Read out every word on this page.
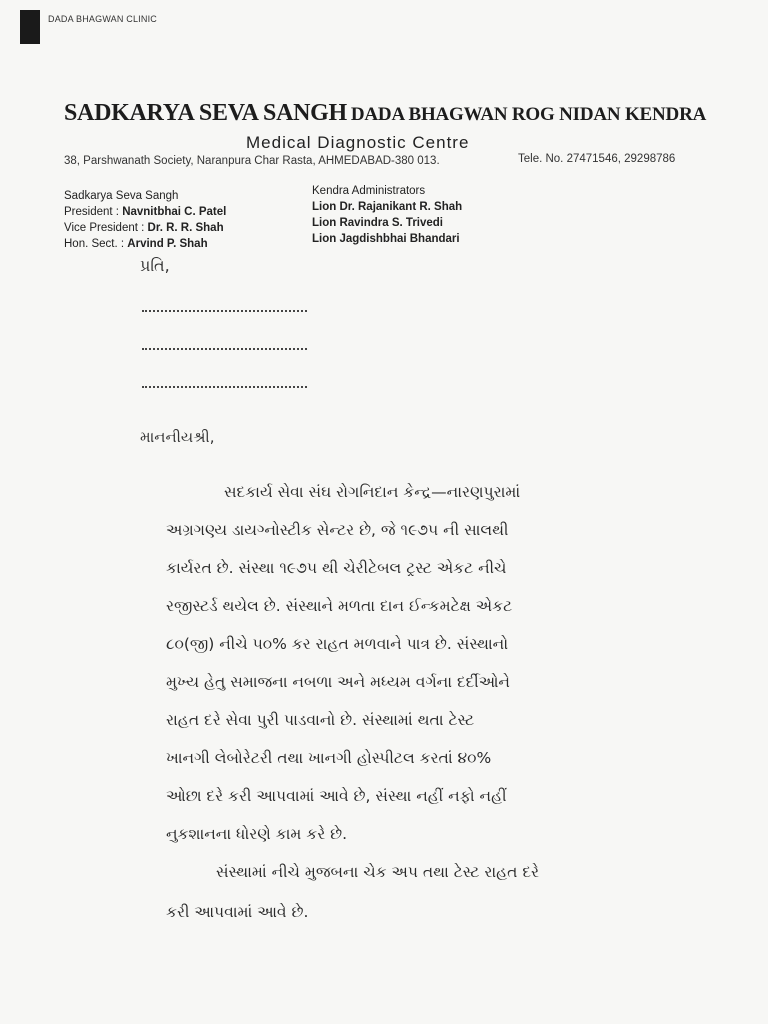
DADA BHAGWAN CLINIC
SADKARYA SEVA SANGH DADA BHAGWAN ROG NIDAN KENDRA
Medical Diagnostic Centre
38, Parshwanath Society, Naranpura Char Rasta, AHMEDABAD-380 013.	Tele. No. 27471546, 29298786
Sadkarya Seva Sangh
President : Navnitbhai C. Patel
Vice President : Dr. R. R. Shah
Hon. Sect. : Arvind P. Shah
Kendra Administrators
Lion Dr. Rajanikant R. Shah
Lion Ravindra S. Trivedi
Lion Jagdishbhai Bhandari
પ્રતિ,
માનનીયશ્રી,
સદકાર્ય સેવા સંઘ રોગનિદાન કેન્દ્ર—નારણપુરામાં
અગ્રગણ્ય ડાયગ્નોસ્ટીક સેન્ટર છે, જે ૧૯૭૫ ની સાલથી
કાર્યરત છે. સંસ્થા ૧૯૭૫ થી ચેરીટેબલ ટ્રસ્ટ એકટ નીચે
રજીસ્ટર્ડ થયેલ છે. સંસ્થાને મળતા દાન ઈન્કમટેક્ષ એકટ
૮૦(જી) નીચે ૫૦% કર રાહત મળવાને પાત્ર છે. સંસ્થાનો
મુખ્ય હેતુ સમાજના નબળા અને મધ્યમ વર્ગના દર્દીઓને
રાહત દરે સેવા પુરી પાડવાનો છે. સંસ્થામાં થતા ટેસ્ટ
ખાનગી લેબોરેટરી તથા ખાનગી હોસ્પીટલ કરતાં ૪૦%
ઓછા દરે કરી આપવામાં આવે છે, સંસ્થા નહીં નફો નહીં
નુકશાનના ધોરણે કામ કરે છે.
સંસ્થામાં નીચે મુજબના ચેક અપ તથા ટેસ્ટ રાહત દરે
કરી આપવામાં આવે છે.
